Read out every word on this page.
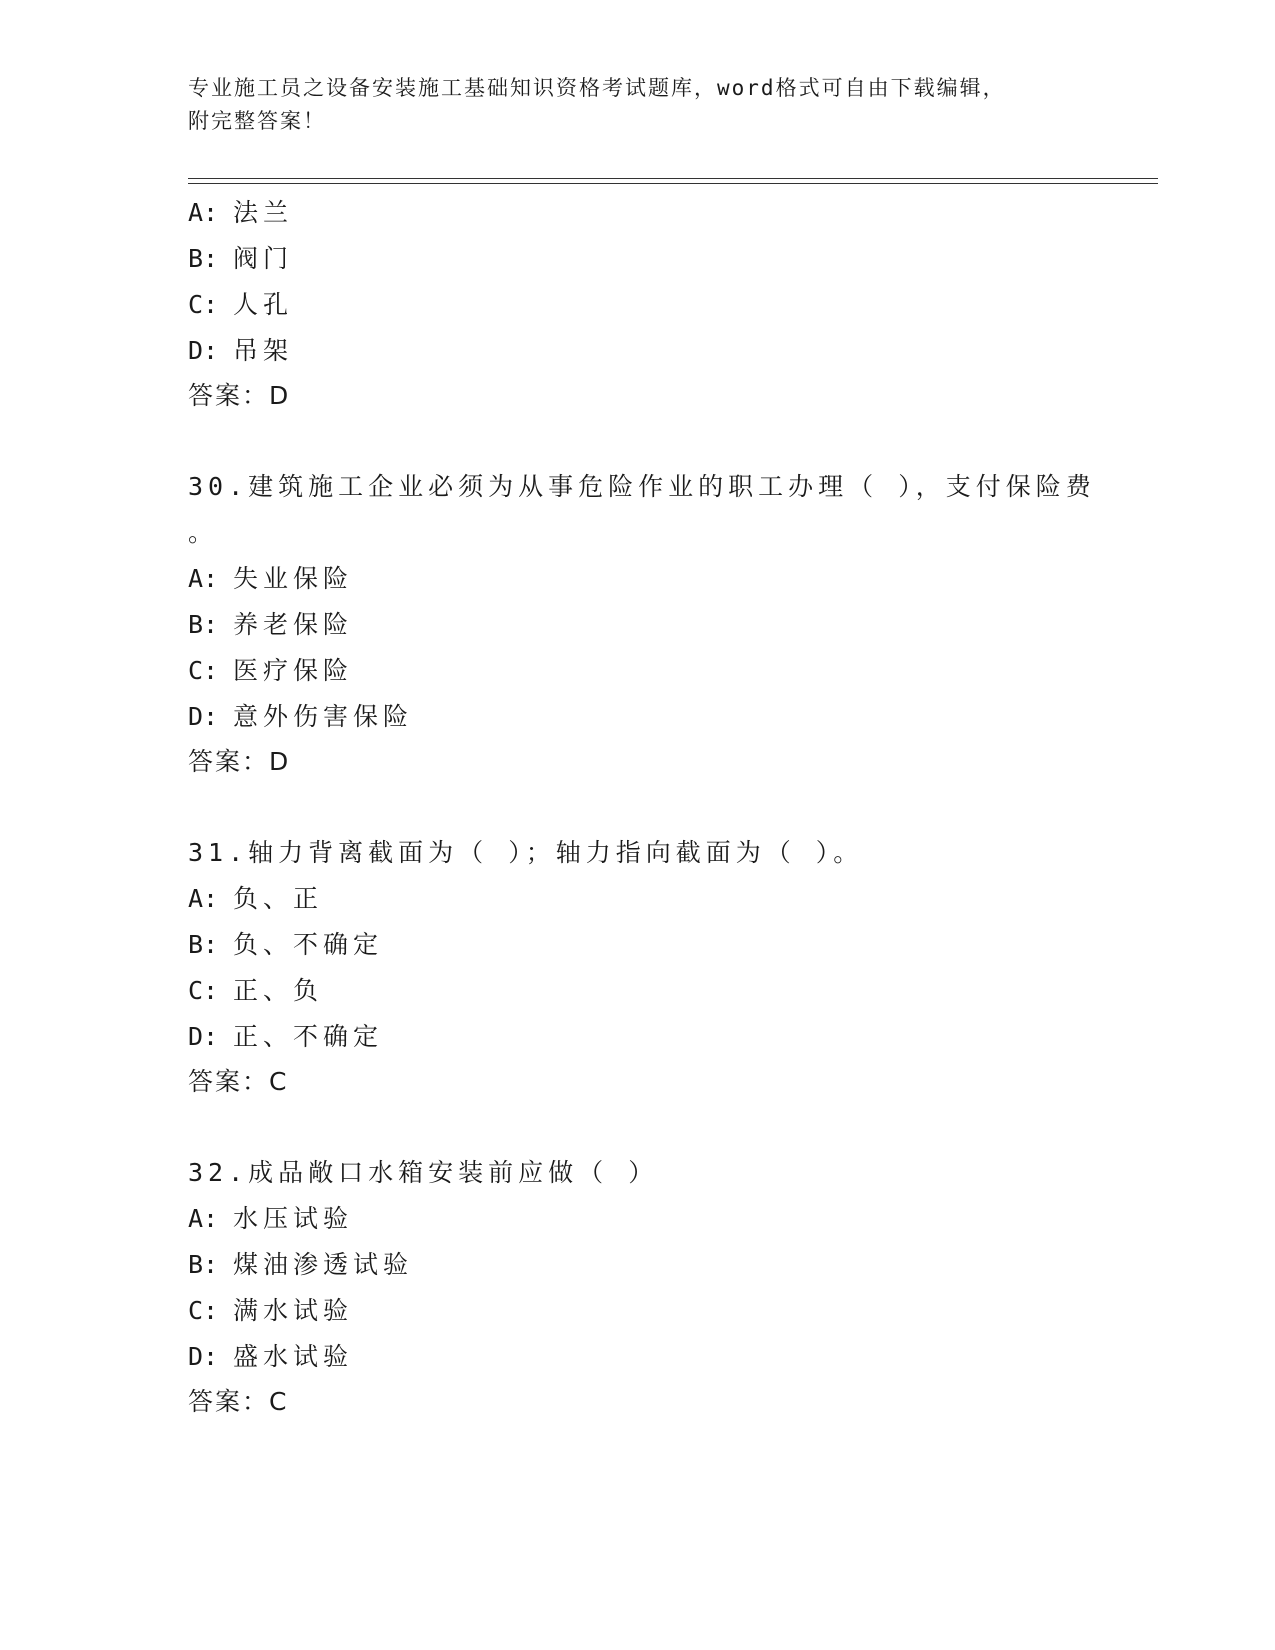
专业施工员之设备安装施工基础知识资格考试题库，word格式可自由下载编辑，
附完整答案！
A: 法兰
B: 阀门
C: 人孔
D: 吊架
答案：D
30.建筑施工企业必须为从事危险作业的职工办理（ ），支付保险费
。
A: 失业保险
B: 养老保险
C: 医疗保险
D: 意外伤害保险
答案：D
31.轴力背离截面为（ ）；轴力指向截面为（ ）。
A: 负、正
B: 负、不确定
C: 正、负
D: 正、不确定
答案：C
32.成品敞口水箱安装前应做（ ）
A: 水压试验
B: 煤油渗透试验
C: 满水试验
D: 盛水试验
答案：C
